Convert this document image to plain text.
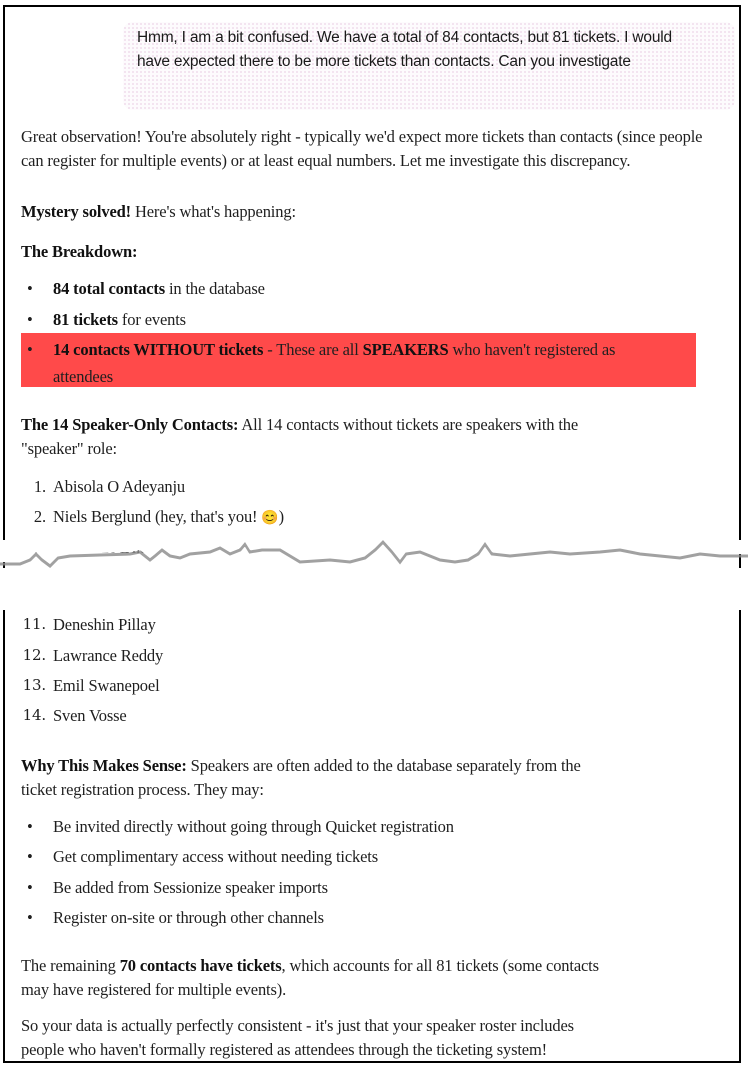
Hmm, I am a bit confused. We have a total of 84 contacts, but 81 tickets. I would have expected there to be more tickets than contacts. Can you investigate
Great observation! You're absolutely right - typically we'd expect more tickets than contacts (since people can register for multiple events) or at least equal numbers. Let me investigate this discrepancy.
Mystery solved! Here's what's happening:
The Breakdown:
• 84 total contacts in the database
• 81 tickets for events
• 14 contacts WITHOUT tickets - These are all SPEAKERS who haven't registered as
attendees
The 14 Speaker-Only Contacts: All 14 contacts without tickets are speakers with the
"speaker" role:
1. Abisola O Adeyanju
2. Niels Berglund (hey, that's you! 😊)
11. Deneshin Pillay
12. Lawrance Reddy
13. Emil Swanepoel
14. Sven Vosse
Why This Makes Sense: Speakers are often added to the database separately from the
ticket registration process. They may:
• Be invited directly without going through Quicket registration
• Get complimentary access without needing tickets
• Be added from Sessionize speaker imports
• Register on-site or through other channels
The remaining 70 contacts have tickets, which accounts for all 81 tickets (some contacts
may have registered for multiple events).
So your data is actually perfectly consistent - it's just that your speaker roster includes
people who haven't formally registered as attendees through the ticketing system!
